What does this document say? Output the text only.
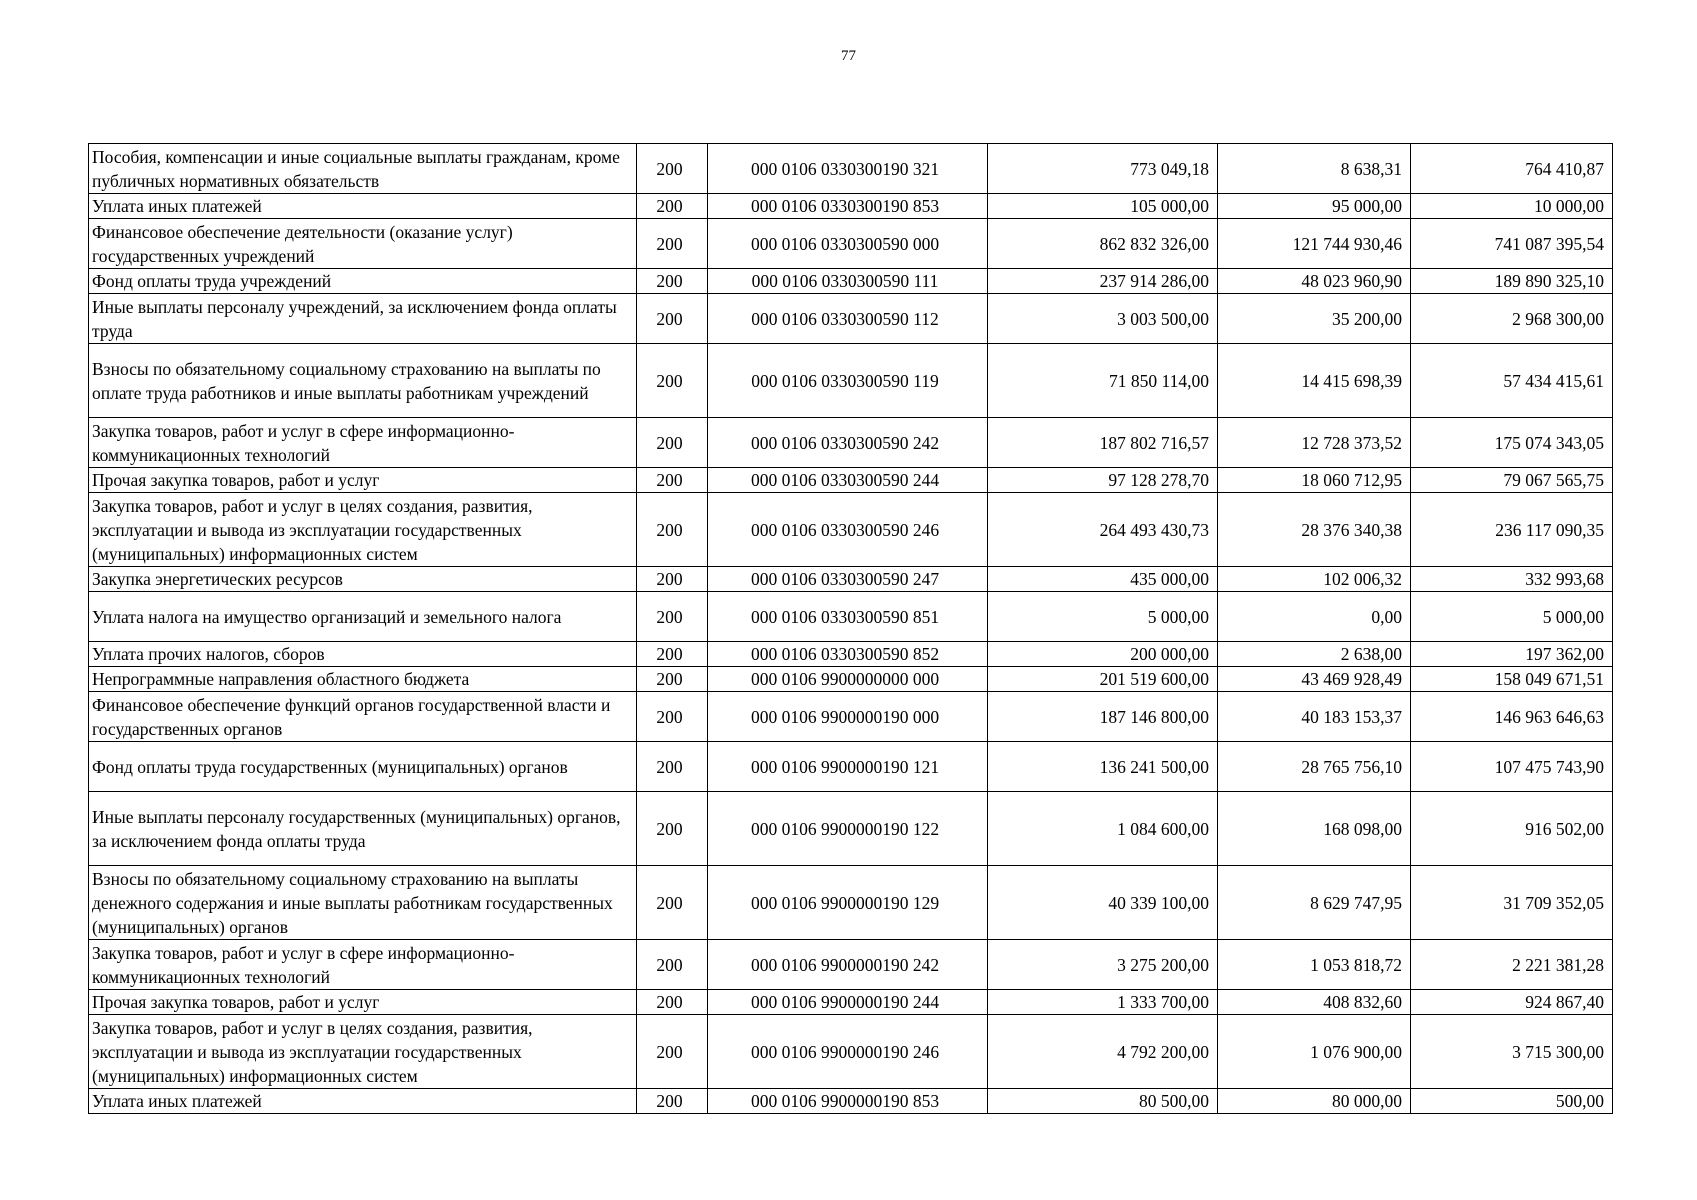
77
Пособия, компенсации и иные социальные выплаты гражданам, кроме публичных нормативных обязательств	200	000 0106 0330300190 321	773 049,18	8 638,31	764 410,87
Уплата иных платежей	200	000 0106 0330300190 853	105 000,00	95 000,00	10 000,00
Финансовое обеспечение деятельности (оказание услуг) государственных учреждений	200	000 0106 0330300590 000	862 832 326,00	121 744 930,46	741 087 395,54
Фонд оплаты труда учреждений	200	000 0106 0330300590 111	237 914 286,00	48 023 960,90	189 890 325,10
Иные выплаты персоналу учреждений, за исключением фонда оплаты труда	200	000 0106 0330300590 112	3 003 500,00	35 200,00	2 968 300,00
Взносы по обязательному социальному страхованию на выплаты по оплате труда работников и иные выплаты работникам учреждений	200	000 0106 0330300590 119	71 850 114,00	14 415 698,39	57 434 415,61
Закупка товаров, работ и услуг в сфере информационно-коммуникационных технологий	200	000 0106 0330300590 242	187 802 716,57	12 728 373,52	175 074 343,05
Прочая закупка товаров, работ и услуг	200	000 0106 0330300590 244	97 128 278,70	18 060 712,95	79 067 565,75
Закупка товаров, работ и услуг в целях создания, развития, эксплуатации и вывода из эксплуатации государственных (муниципальных) информационных систем	200	000 0106 0330300590 246	264 493 430,73	28 376 340,38	236 117 090,35
Закупка энергетических ресурсов	200	000 0106 0330300590 247	435 000,00	102 006,32	332 993,68
Уплата налога на имущество организаций и земельного налога	200	000 0106 0330300590 851	5 000,00	0,00	5 000,00
Уплата прочих налогов, сборов	200	000 0106 0330300590 852	200 000,00	2 638,00	197 362,00
Непрограммные направления областного бюджета	200	000 0106 9900000000 000	201 519 600,00	43 469 928,49	158 049 671,51
Финансовое обеспечение функций органов государственной власти и государственных органов	200	000 0106 9900000190 000	187 146 800,00	40 183 153,37	146 963 646,63
Фонд оплаты труда государственных (муниципальных) органов	200	000 0106 9900000190 121	136 241 500,00	28 765 756,10	107 475 743,90
Иные выплаты персоналу государственных (муниципальных) органов, за исключением фонда оплаты труда	200	000 0106 9900000190 122	1 084 600,00	168 098,00	916 502,00
Взносы по обязательному социальному страхованию на выплаты денежного содержания и иные выплаты работникам государственных (муниципальных) органов	200	000 0106 9900000190 129	40 339 100,00	8 629 747,95	31 709 352,05
Закупка товаров, работ и услуг в сфере информационно-коммуникационных технологий	200	000 0106 9900000190 242	3 275 200,00	1 053 818,72	2 221 381,28
Прочая закупка товаров, работ и услуг	200	000 0106 9900000190 244	1 333 700,00	408 832,60	924 867,40
Закупка товаров, работ и услуг в целях создания, развития, эксплуатации и вывода из эксплуатации государственных (муниципальных) информационных систем	200	000 0106 9900000190 246	4 792 200,00	1 076 900,00	3 715 300,00
Уплата иных платежей	200	000 0106 9900000190 853	80 500,00	80 000,00	500,00
